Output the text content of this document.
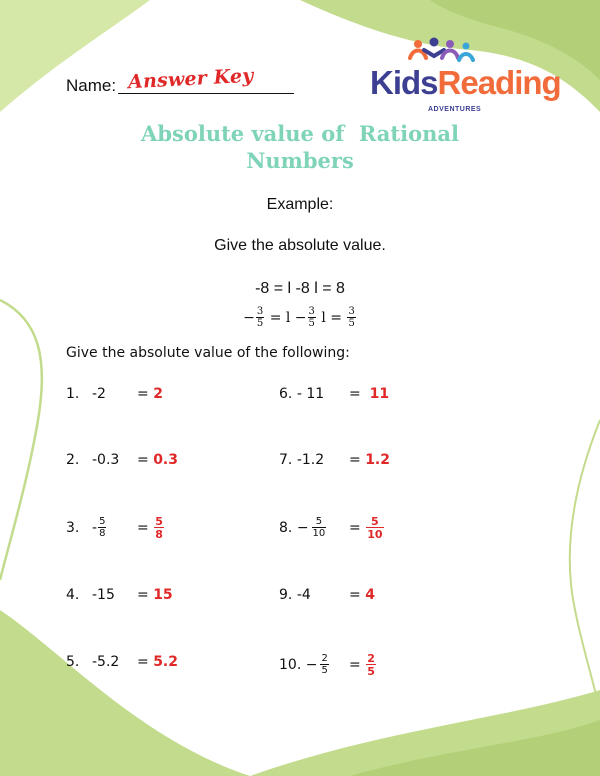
Name: Answer Key	KidsReading
ADVENTURES
Absolute value of  Rational
Numbers
Example:
Give the absolute value.
-8 = l -8 l = 8
− $\frac{3}{5} = l - \frac{3}{5}$ $l = \frac{3}{5}$
Give the absolute value of the following:
1. -2 = 2
2. -0.3 = 0.3
3. - $\frac{5}{8}$ =
$\frac{5}{8}$
4. -15 = 15
5. -5.2 = 5.2
6. - 11 = 11
7. -1.2 = 1.2
8.
− $\frac{5}{10}$ =
$\frac{5}{10}$
9. -4	= 4
10.
− $\frac{2}{5}$ =
$\frac{2}{5}$
